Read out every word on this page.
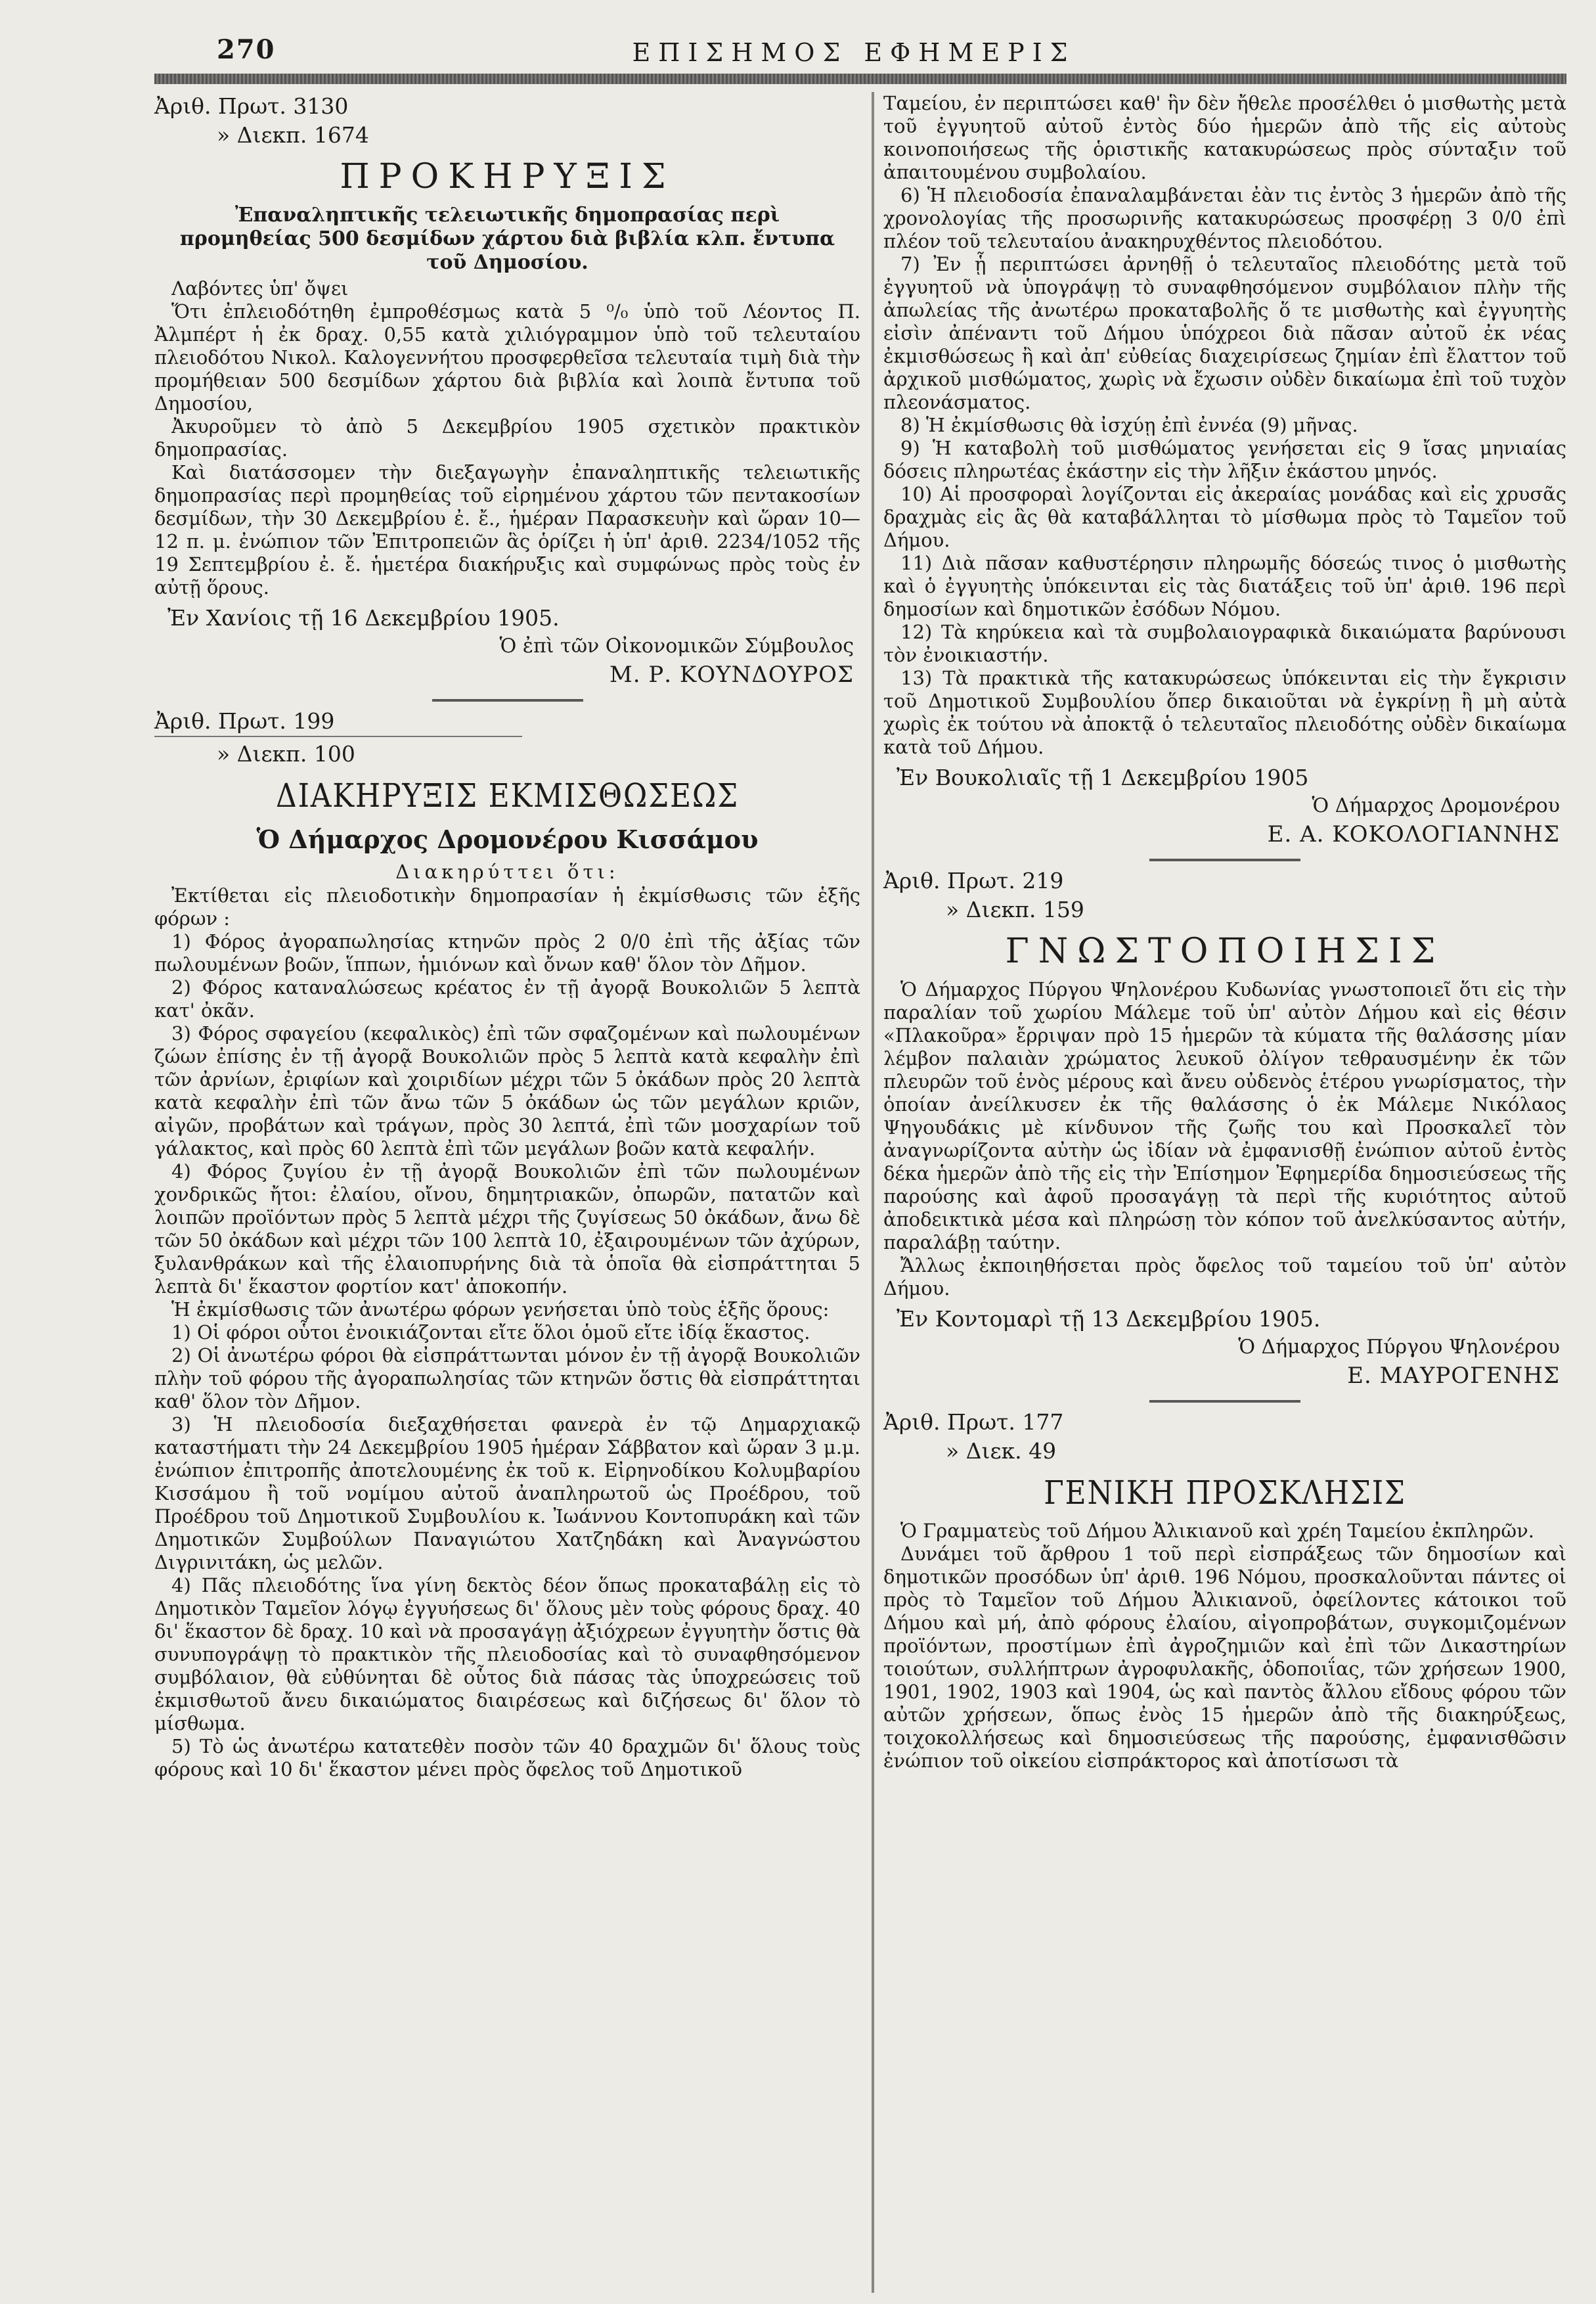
270	ΕΠΙΣΗΜΟΣ ΕΦΗΜΕΡΙΣ
Ἀριθ. Πρωτ. 3130
» Διεκπ. 1674
ΠΡΟΚΗΡΥΞΙΣ
Ἐπαναληπτικῆς τελειωτικῆς δημοπρασίας περὶ προμηθείας 500 δεσμίδων χάρτου διὰ βιβλία κλπ. ἔντυπα τοῦ Δημοσίου.

Λαβόντες ὑπ' ὄψει

Ὅτι ἐπλειοδότηθη ἐμπροθέσμως κατὰ 5 ⁰/₀ ὑπὸ τοῦ Λέοντος Π. Ἀλμπέρτ ἡ ἐκ δραχ. 0,55 κατὰ χιλιόγραμμον ὑπὸ τοῦ τελευταίου πλειοδότου Νικολ. Καλογεννήτου προσφερθεῖσα τελευταία τιμὴ διὰ τὴν προμήθειαν 500 δεσμίδων χάρτου διὰ βιβλία καὶ λοιπὰ ἔντυπα τοῦ Δημοσίου,

Ἀκυροῦμεν τὸ ἀπὸ 5 Δεκεμβρίου 1905 σχετικὸν πρακτικὸν δημοπρασίας.

Καὶ διατάσσομεν τὴν διεξαγωγὴν ἐπαναληπτικῆς τελειωτικῆς δημοπρασίας περὶ προμηθείας τοῦ εἰρημένου χάρτου τῶν πεντακοσίων δεσμίδων, τὴν 30 Δεκεμβρίου ἐ. ἔ., ἡμέραν Παρασκευὴν καὶ ὥραν 10—12 π. μ. ἐνώπιον τῶν Ἐπιτροπειῶν ἃς ὁρίζει ἡ ὑπ' ἀριθ. 2234/1052 τῆς 19 Σεπτεμβρίου ἐ. ἔ. ἡμετέρα διακήρυξις καὶ συμφώνως πρὸς τοὺς ἐν αὐτῇ ὅρους.

Ἐν Χανίοις τῇ 16 Δεκεμβρίου 1905.
Ὁ ἐπὶ τῶν Οἰκονομικῶν Σύμβουλος
Μ. Ρ. ΚΟΥΝΔΟΥΡΟΣ
Ἀριθ. Πρωτ. 199
» Διεκπ. 100
ΔΙΑΚΗΡΥΞΙΣ ΕΚΜΙΣΘΩΣΕΩΣ
Ὁ Δήμαρχος Δρομονέρου Κισσάμου
Διακηρύττει ὅτι:

Ἐκτίθεται εἰς πλειοδοτικὴν δημοπρασίαν ἡ ἐκμίσθωσις τῶν ἑξῆς φόρων :

1) Φόρος ἀγοραπωλησίας κτηνῶν πρὸς 2 0/0 ἐπὶ τῆς ἀξίας τῶν πωλουμένων βοῶν, ἵππων, ἡμιόνων καὶ ὄνων καθ' ὅλον τὸν Δῆμον.

2) Φόρος καταναλώσεως κρέατος ἐν τῇ ἀγορᾷ Βουκολιῶν 5 λεπτὰ κατ' ὀκᾶν.

3) Φόρος σφαγείου (κεφαλικὸς) ἐπὶ τῶν σφαζομένων καὶ πωλουμένων ζώων ἐπίσης ἐν τῇ ἀγορᾷ Βουκολιῶν πρὸς 5 λεπτὰ κατὰ κεφαλὴν ἐπὶ τῶν ἀρνίων, ἐριφίων καὶ χοιριδίων μέχρι τῶν 5 ὀκάδων πρὸς 20 λεπτὰ κατὰ κεφαλὴν ἐπὶ τῶν ἄνω τῶν 5 ὀκάδων ὡς τῶν μεγάλων κριῶν, αἰγῶν, προβάτων καὶ τράγων, πρὸς 30 λεπτά, ἐπὶ τῶν μοσχαρίων τοῦ γάλακτος, καὶ πρὸς 60 λεπτὰ ἐπὶ τῶν μεγάλων βοῶν κατὰ κεφαλήν.

4) Φόρος ζυγίου ἐν τῇ ἀγορᾷ Βουκολιῶν ἐπὶ τῶν πωλουμένων χονδρικῶς ἤτοι: ἐλαίου, οἴνου, δημητριακῶν, ὀπωρῶν, πατατῶν καὶ λοιπῶν προϊόντων πρὸς 5 λεπτὰ μέχρι τῆς ζυγίσεως 50 ὀκάδων, ἄνω δὲ τῶν 50 ὀκάδων καὶ μέχρι τῶν 100 λεπτὰ 10, ἐξαιρουμένων τῶν ἀχύρων, ξυλανθράκων καὶ τῆς ἐλαιοπυρήνης διὰ τὰ ὁποῖα θὰ εἰσπράττηται 5 λεπτὰ δι' ἕκαστον φορτίον κατ' ἀποκοπήν.

Ἡ ἐκμίσθωσις τῶν ἀνωτέρω φόρων γενήσεται ὑπὸ τοὺς ἑξῆς ὅρους:

1) Οἱ φόροι οὗτοι ἐνοικιάζονται εἴτε ὅλοι ὁμοῦ εἴτε ἰδίᾳ ἕκαστος.

2) Οἱ ἀνωτέρω φόροι θὰ εἰσπράττωνται μόνον ἐν τῇ ἀγορᾷ Βουκολιῶν πλὴν τοῦ φόρου τῆς ἀγοραπωλησίας τῶν κτηνῶν ὅστις θὰ εἰσπράττηται καθ' ὅλον τὸν Δῆμον.

3) Ἡ πλειοδοσία διεξαχθήσεται φανερὰ ἐν τῷ Δημαρχιακῷ καταστήματι τὴν 24 Δεκεμβρίου 1905 ἡμέραν Σάββατον καὶ ὥραν 3 μ.μ. ἐνώπιον ἐπιτροπῆς ἀποτελουμένης ἐκ τοῦ κ. Εἰρηνοδίκου Κολυμβαρίου Κισσάμου ἢ τοῦ νομίμου αὐτοῦ ἀναπληρωτοῦ ὡς Προέδρου, τοῦ Προέδρου τοῦ Δημοτικοῦ Συμβουλίου κ. Ἰωάννου Κοντοπυράκη καὶ τῶν Δημοτικῶν Συμβούλων Παναγιώτου Χατζηδάκη καὶ Ἀναγνώστου Διγρινιτάκη, ὡς μελῶν.

4) Πᾶς πλειοδότης ἵνα γίνη δεκτὸς δέον ὅπως προκαταβάλῃ εἰς τὸ Δημοτικὸν Ταμεῖον λόγῳ ἐγγυήσεως δι' ὅλους μὲν τοὺς φόρους δραχ. 40 δι' ἕκαστον δὲ δραχ. 10 καὶ νὰ προσαγάγῃ ἀξιόχρεων ἐγγυητὴν ὅστις θὰ συνυπογράψῃ τὸ πρακτικὸν τῆς πλειοδοσίας καὶ τὸ συναφθησόμενον συμβόλαιον, θὰ εὐθύνηται δὲ οὗτος διὰ πάσας τὰς ὑποχρεώσεις τοῦ ἐκμισθωτοῦ ἄνευ δικαιώματος διαιρέσεως καὶ διζήσεως δι' ὅλον τὸ μίσθωμα.

5) Τὸ ὡς ἀνωτέρω κατατεθὲν ποσὸν τῶν 40 δραχμῶν δι' ὅλους τοὺς φόρους καὶ 10 δι' ἕκαστον μένει πρὸς ὄφελος τοῦ Δημοτικοῦ

Ταμείου, ἐν περιπτώσει καθ' ἣν δὲν ἤθελε προσέλθει ὁ μισθωτὴς μετὰ τοῦ ἐγγυητοῦ αὐτοῦ ἐντὸς δύο ἡμερῶν ἀπὸ τῆς εἰς αὐτοὺς κοινοποιήσεως τῆς ὁριστικῆς κατακυρώσεως πρὸς σύνταξιν τοῦ ἀπαιτουμένου συμβολαίου.

6) Ἡ πλειοδοσία ἐπαναλαμβάνεται ἐὰν τις ἐντὸς 3 ἡμερῶν ἀπὸ τῆς χρονολογίας τῆς προσωρινῆς κατακυρώσεως προσφέρῃ 3 0/0 ἐπὶ πλέον τοῦ τελευταίου ἀνακηρυχθέντος πλειοδότου.

7) Ἐν ᾗ περιπτώσει ἀρνηθῇ ὁ τελευταῖος πλειοδότης μετὰ τοῦ ἐγγυητοῦ νὰ ὑπογράψῃ τὸ συναφθησόμενον συμβόλαιον πλὴν τῆς ἀπωλείας τῆς ἀνωτέρω προκαταβολῆς ὅ τε μισθωτὴς καὶ ἐγγυητὴς εἰσὶν ἀπέναντι τοῦ Δήμου ὑπόχρεοι διὰ πᾶσαν αὐτοῦ ἐκ νέας ἐκμισθώσεως ἢ καὶ ἀπ' εὐθείας διαχειρίσεως ζημίαν ἐπὶ ἔλαττον τοῦ ἀρχικοῦ μισθώματος, χωρὶς νὰ ἔχωσιν οὐδὲν δικαίωμα ἐπὶ τοῦ τυχὸν πλεονάσματος.

8) Ἡ ἐκμίσθωσις θὰ ἰσχύῃ ἐπὶ ἐννέα (9) μῆνας.

9) Ἡ καταβολὴ τοῦ μισθώματος γενήσεται εἰς 9 ἴσας μηνιαίας δόσεις πληρωτέας ἑκάστην εἰς τὴν λῆξιν ἑκάστου μηνός.

10) Αἱ προσφοραὶ λογίζονται εἰς ἀκεραίας μονάδας καὶ εἰς χρυσᾶς δραχμὰς εἰς ἃς θὰ καταβάλληται τὸ μίσθωμα πρὸς τὸ Ταμεῖον τοῦ Δήμου.

11) Διὰ πᾶσαν καθυστέρησιν πληρωμῆς δόσεώς τινος ὁ μισθωτὴς καὶ ὁ ἐγγυητὴς ὑπόκεινται εἰς τὰς διατάξεις τοῦ ὑπ' ἀριθ. 196 περὶ δημοσίων καὶ δημοτικῶν ἐσόδων Νόμου.

12) Τὰ κηρύκεια καὶ τὰ συμβολαιογραφικὰ δικαιώματα βαρύνουσι τὸν ἐνοικιαστήν.

13) Τὰ πρακτικὰ τῆς κατακυρώσεως ὑπόκεινται εἰς τὴν ἔγκρισιν τοῦ Δημοτικοῦ Συμβουλίου ὅπερ δικαιοῦται νὰ ἐγκρίνῃ ἢ μὴ αὐτὰ χωρὶς ἐκ τούτου νὰ ἀποκτᾷ ὁ τελευταῖος πλειοδότης οὐδὲν δικαίωμα κατὰ τοῦ Δήμου.

Ἐν Βουκολιαῖς τῇ 1 Δεκεμβρίου 1905
Ὁ Δήμαρχος Δρομονέρου
Ε. Α. ΚΟΚΟΛΟΓΙΑΝΝΗΣ
Ἀριθ. Πρωτ. 219
» Διεκπ. 159
ΓΝΩΣΤΟΠΟΙΗΣΙΣ

Ὁ Δήμαρχος Πύργου Ψηλονέρου Κυδωνίας γνωστοποιεῖ ὅτι εἰς τὴν παραλίαν τοῦ χωρίου Μάλεμε τοῦ ὑπ' αὐτὸν Δήμου καὶ εἰς θέσιν «Πλακοῦρα» ἔρριψαν πρὸ 15 ἡμερῶν τὰ κύματα τῆς θαλάσσης μίαν λέμβον παλαιὰν χρώματος λευκοῦ ὀλίγον τεθραυσμένην ἐκ τῶν πλευρῶν τοῦ ἑνὸς μέρους καὶ ἄνευ οὐδενὸς ἑτέρου γνωρίσματος, τὴν ὁποίαν ἀνείλκυσεν ἐκ τῆς θαλάσσης ὁ ἐκ Μάλεμε Νικόλαος Ψηγουδάκις μὲ κίνδυνον τῆς ζωῆς του καὶ Προσκαλεῖ τὸν ἀναγνωρίζοντα αὐτὴν ὡς ἰδίαν νὰ ἐμφανισθῇ ἐνώπιον αὐτοῦ ἐντὸς δέκα ἡμερῶν ἀπὸ τῆς εἰς τὴν Ἐπίσημον Ἐφημερίδα δημοσιεύσεως τῆς παρούσης καὶ ἀφοῦ προσαγάγῃ τὰ περὶ τῆς κυριότητος αὐτοῦ ἀποδεικτικὰ μέσα καὶ πληρώσῃ τὸν κόπον τοῦ ἀνελκύσαντος αὐτήν, παραλάβῃ ταύτην.

Ἄλλως ἐκποιηθήσεται πρὸς ὄφελος τοῦ ταμείου τοῦ ὑπ' αὐτὸν Δήμου.

Ἐν Κοντομαρὶ τῇ 13 Δεκεμβρίου 1905.
Ὁ Δήμαρχος Πύργου Ψηλονέρου
Ε. ΜΑΥΡΟΓΕΝΗΣ
Ἀριθ. Πρωτ. 177
» Διεκ. 49
ΓΕΝΙΚΗ ΠΡΟΣΚΛΗΣΙΣ

Ὁ Γραμματεὺς τοῦ Δήμου Ἀλικιανοῦ καὶ χρέη Ταμείου ἐκπληρῶν.

Δυνάμει τοῦ ἄρθρου 1 τοῦ περὶ εἰσπράξεως τῶν δημοσίων καὶ δημοτικῶν προσόδων ὑπ' ἀριθ. 196 Νόμου, προσκαλοῦνται πάντες οἱ πρὸς τὸ Ταμεῖον τοῦ Δήμου Ἀλικιανοῦ, ὀφείλοντες κάτοικοι τοῦ Δήμου καὶ μή, ἀπὸ φόρους ἐλαίου, αἰγοπροβάτων, συγκομιζομένων προϊόντων, προστίμων ἐπὶ ἀγροζημιῶν καὶ ἐπὶ τῶν Δικαστηρίων τοιούτων, συλλήπτρων ἀγροφυλακῆς, ὁδοποιΐας, τῶν χρήσεων 1900, 1901, 1902, 1903 καὶ 1904, ὡς καὶ παντὸς ἄλλου εἴδους φόρου τῶν αὐτῶν χρήσεων, ὅπως ἐνὸς 15 ἡμερῶν ἀπὸ τῆς διακηρύξεως, τοιχοκολλήσεως καὶ δημοσιεύσεως τῆς παρούσης, ἐμφανισθῶσιν ἐνώπιον τοῦ οἰκείου εἰσπράκτορος καὶ ἀποτίσωσι τὰ
